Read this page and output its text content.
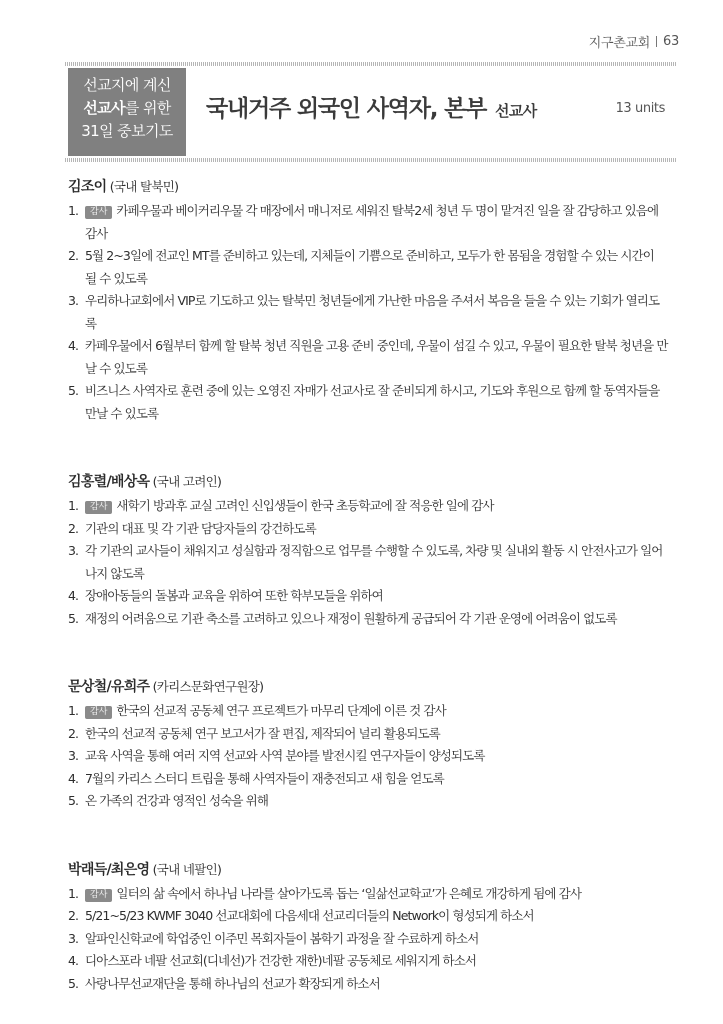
지구촌교회 63
선교지에 계신
선교사를 위한
31일 중보기도
국내거주 외국인 사역자, 본부 선교사	13 units
김조이 (국내 탈북민)
1. 감사 카페우물과 베이커리우물 각 매장에서 매니저로 세워진 탈북2세 청년 두 명이 맡겨진 일을 잘 감당하고 있음에 감사
2. 5월 2~3일에 전교인 MT를 준비하고 있는데, 지체들이 기쁨으로 준비하고, 모두가 한 몸됨을 경험할 수 있는 시간이 될 수 있도록
3. 우리하나교회에서 VIP로 기도하고 있는 탈북민 청년들에게 가난한 마음을 주셔서 복음을 들을 수 있는 기회가 열리도록
4. 카페우물에서 6월부터 함께 할 탈북 청년 직원을 고용 준비 중인데, 우물이 섬길 수 있고, 우물이 필요한 탈북 청년을 만날 수 있도록
5. 비즈니스 사역자로 훈련 중에 있는 오영진 자매가 선교사로 잘 준비되게 하시고, 기도와 후원으로 함께 할 동역자들을 만날 수 있도록
김홍렬/배상옥 (국내 고려인)
1. 감사 새학기 방과후 교실 고려인 신입생들이 한국 초등학교에 잘 적응한 일에 감사
2. 기관의 대표 및 각 기관 담당자들의 강건하도록
3. 각 기관의 교사들이 채워지고 성실함과 정직함으로 업무를 수행할 수 있도록, 차량 및 실내외 활동 시 안전사고가 일어나지 않도록
4. 장애아동들의 돌봄과 교육을 위하여 또한 학부모들을 위하여
5. 재정의 어려움으로 기관 축소를 고려하고 있으나 재정이 원활하게 공급되어 각 기관 운영에 어려움이 없도록
문상철/유희주 (카리스문화연구원장)
1. 감사 한국의 선교적 공동체 연구 프로젝트가 마무리 단계에 이른 것 감사
2. 한국의 선교적 공동체 연구 보고서가 잘 편집, 제작되어 널리 활용되도록
3. 교육 사역을 통해 여러 지역 선교와 사역 분야를 발전시킬 연구자들이 양성되도록
4. 7월의 카리스 스터디 트립을 통해 사역자들이 재충전되고 새 힘을 얻도록
5. 온 가족의 건강과 영적인 성숙을 위해
박래득/최은영 (국내 네팔인)
1. 감사 일터의 삶 속에서 하나님 나라를 살아가도록 돕는 ‘일삶선교학교’가 은혜로 개강하게 됨에 감사
2. 5/21~5/23 KWMF 3040 선교대회에 다음세대 선교리더들의 Network이 형성되게 하소서
3. 알파인신학교에 학업중인 이주민 목회자들이 봄학기 과정을 잘 수료하게 하소서
4. 디아스포라 네팔 선교회(디네선)가 건강한 재한)네팔 공동체로 세워지게 하소서
5. 사랑나무선교재단을 통해 하나님의 선교가 확장되게 하소서
